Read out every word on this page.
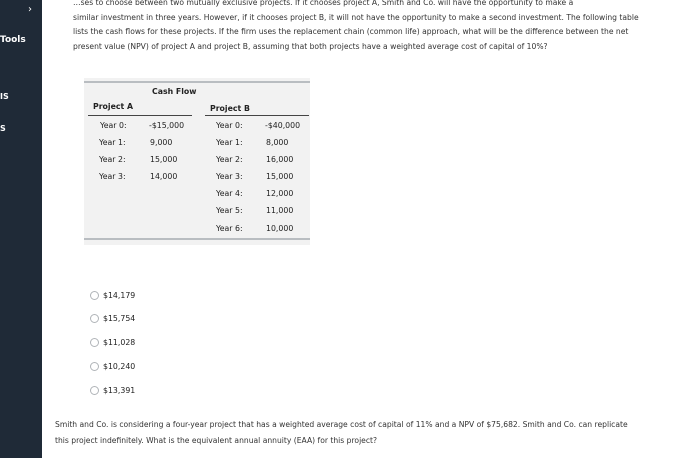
›
Tools
IS
S
…ses to choose between two mutually exclusive projects. If it chooses project A, Smith and Co. will have the opportunity to make a
similar investment in three years. However, if it chooses project B, it will not have the opportunity to make a second investment. The following table
lists the cash flows for these projects. If the firm uses the replacement chain (common life) approach, what will be the difference between the net
present value (NPV) of project A and project B, assuming that both projects have a weighted average cost of capital of 10%?
Cash Flow
Project A	Project B
Year 0:	-$15,000
Year 1:	9,000
Year 2:	15,000
Year 3:	14,000
Year 0:	-$40,000
Year 1:	8,000
Year 2:	16,000
Year 3:	15,000
Year 4:	12,000
Year 5:	11,000
Year 6:	10,000
$14,179
$15,754
$11,028
$10,240
$13,391
Smith and Co. is considering a four-year project that has a weighted average cost of capital of 11% and a NPV of $75,682. Smith and Co. can replicate
this project indefinitely. What is the equivalent annual annuity (EAA) for this project?
